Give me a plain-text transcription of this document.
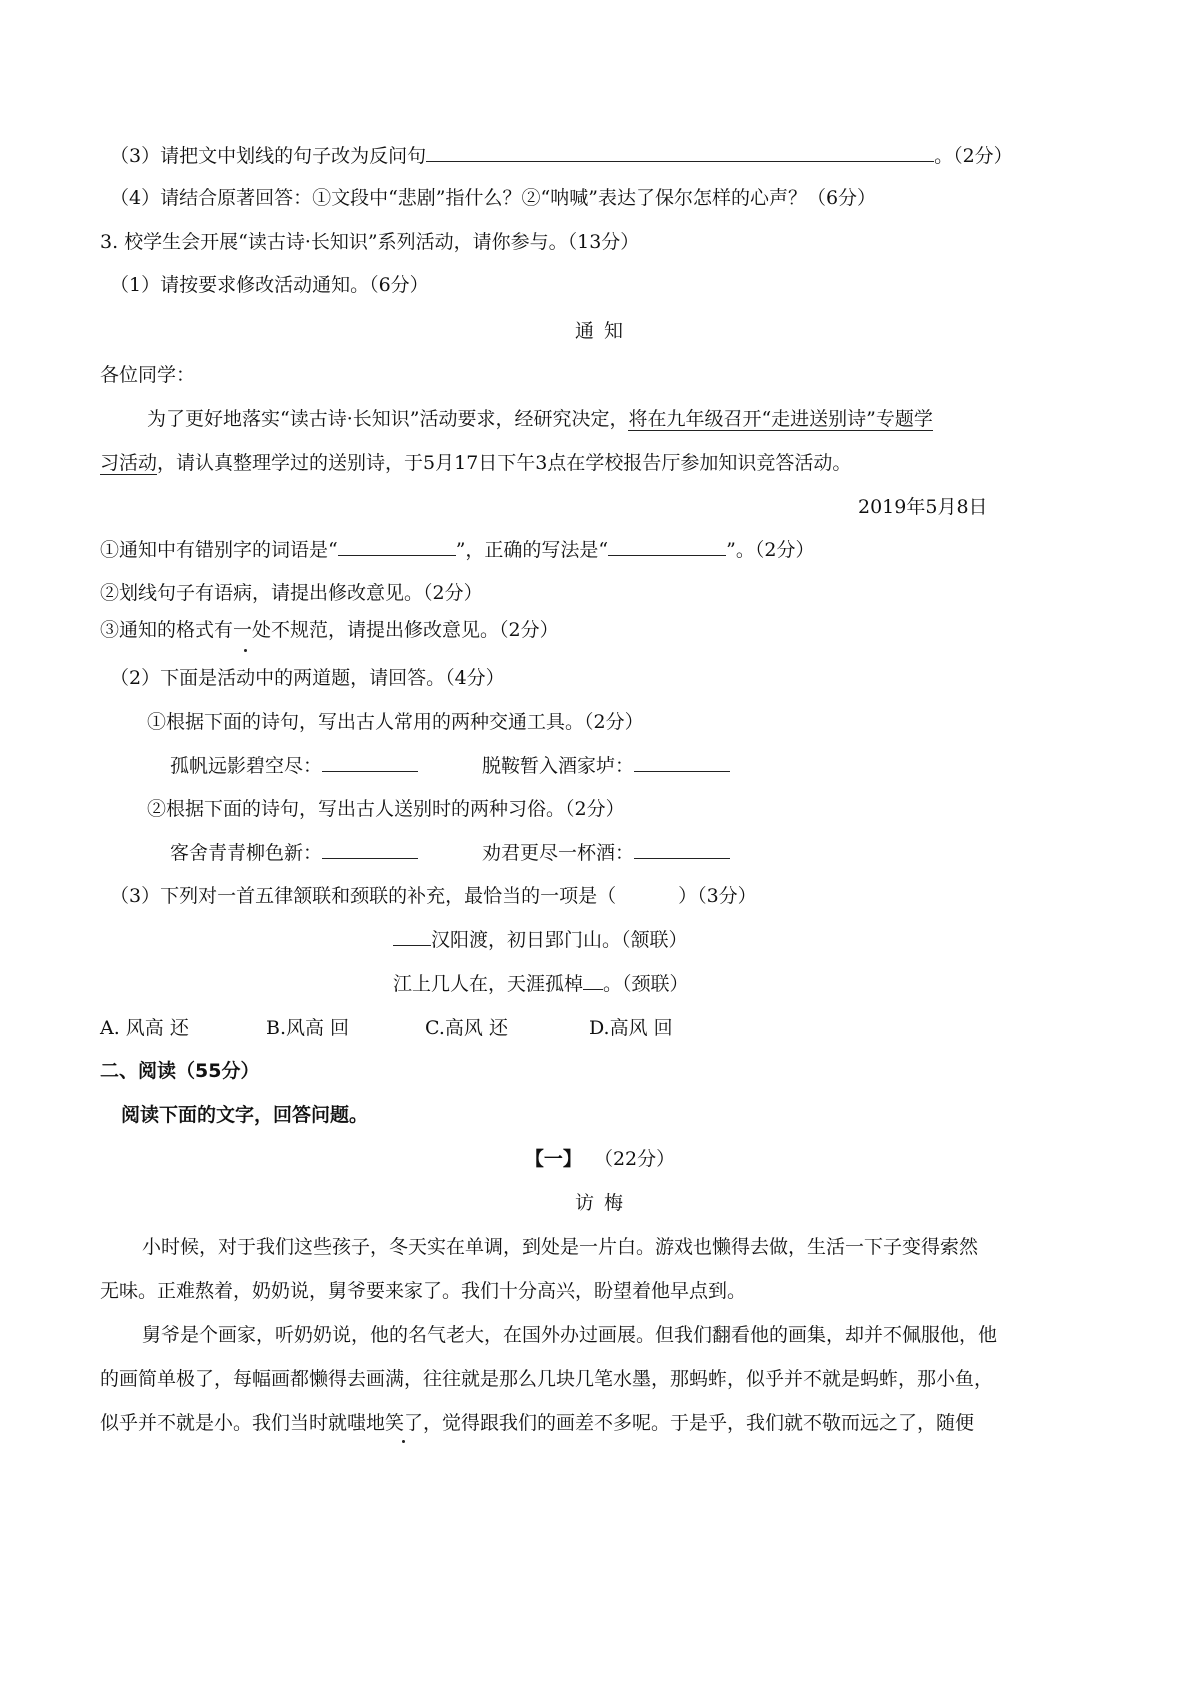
（3）请把文中划线的句子改为反问句	。（2分）
（4）请结合原著回答：①文段中“悲剧”指什么？②“呐喊”表达了保尔怎样的心声？（6分）
3. 校学生会开展“读古诗·长知识”系列活动，请你参与。（13分）
（1）请按要求修改活动通知。（6分）
通 知
各位同学：
为了更好地落实“读古诗·长知识”活动要求，经研究决定，将在九年级召开“走进送别诗”专题学
习活动，请认真整理学过的送别诗，于5月17日下午3点在学校报告厅参加知识竞答活动。
2019年5月8日
①通知中有错别字的词语是“	”，正确的写法是“	”。（2分）
②划线句子有语病，请提出修改意见。（2分）
③通知的格式有一处不规范，请提出修改意见。（2分）
（2）下面是活动中的两道题，请回答。（4分）
①根据下面的诗句，写出古人常用的两种交通工具。（2分）
孤帆远影碧空尽：	脱鞍暂入酒家垆：
②根据下面的诗句，写出古人送别时的两种习俗。（2分）
客舍青青柳色新：	劝君更尽一杯酒：
（3）下列对一首五律颔联和颈联的补充，最恰当的一项是（	）（3分）
汉阳渡，初日郢门山。（颔联）
江上几人在，天涯孤棹 。（颈联）
A. 风高 还	B.风高 回	C.高风 还	D.高风 回
二、阅读（55分）
阅读下面的文字，回答问题。
【一】 （22分）
访 梅
小时候，对于我们这些孩子，冬天实在单调，到处是一片白。游戏也懒得去做，生活一下子变得索然
无味。正难熬着，奶奶说，舅爷要来家了。我们十分高兴，盼望着他早点到。
舅爷是个画家，听奶奶说，他的名气老大，在国外办过画展。但我们翻看他的画集，却并不佩服他，他
的画简单极了，每幅画都懒得去画满，往往就是那么几块几笔水墨，那蚂蚱，似乎并不就是蚂蚱，那小鱼，
似乎并不就是小。我们当时就嗤地笑了，觉得跟我们的画差不多呢。于是乎，我们就不敬而远之了，随便
